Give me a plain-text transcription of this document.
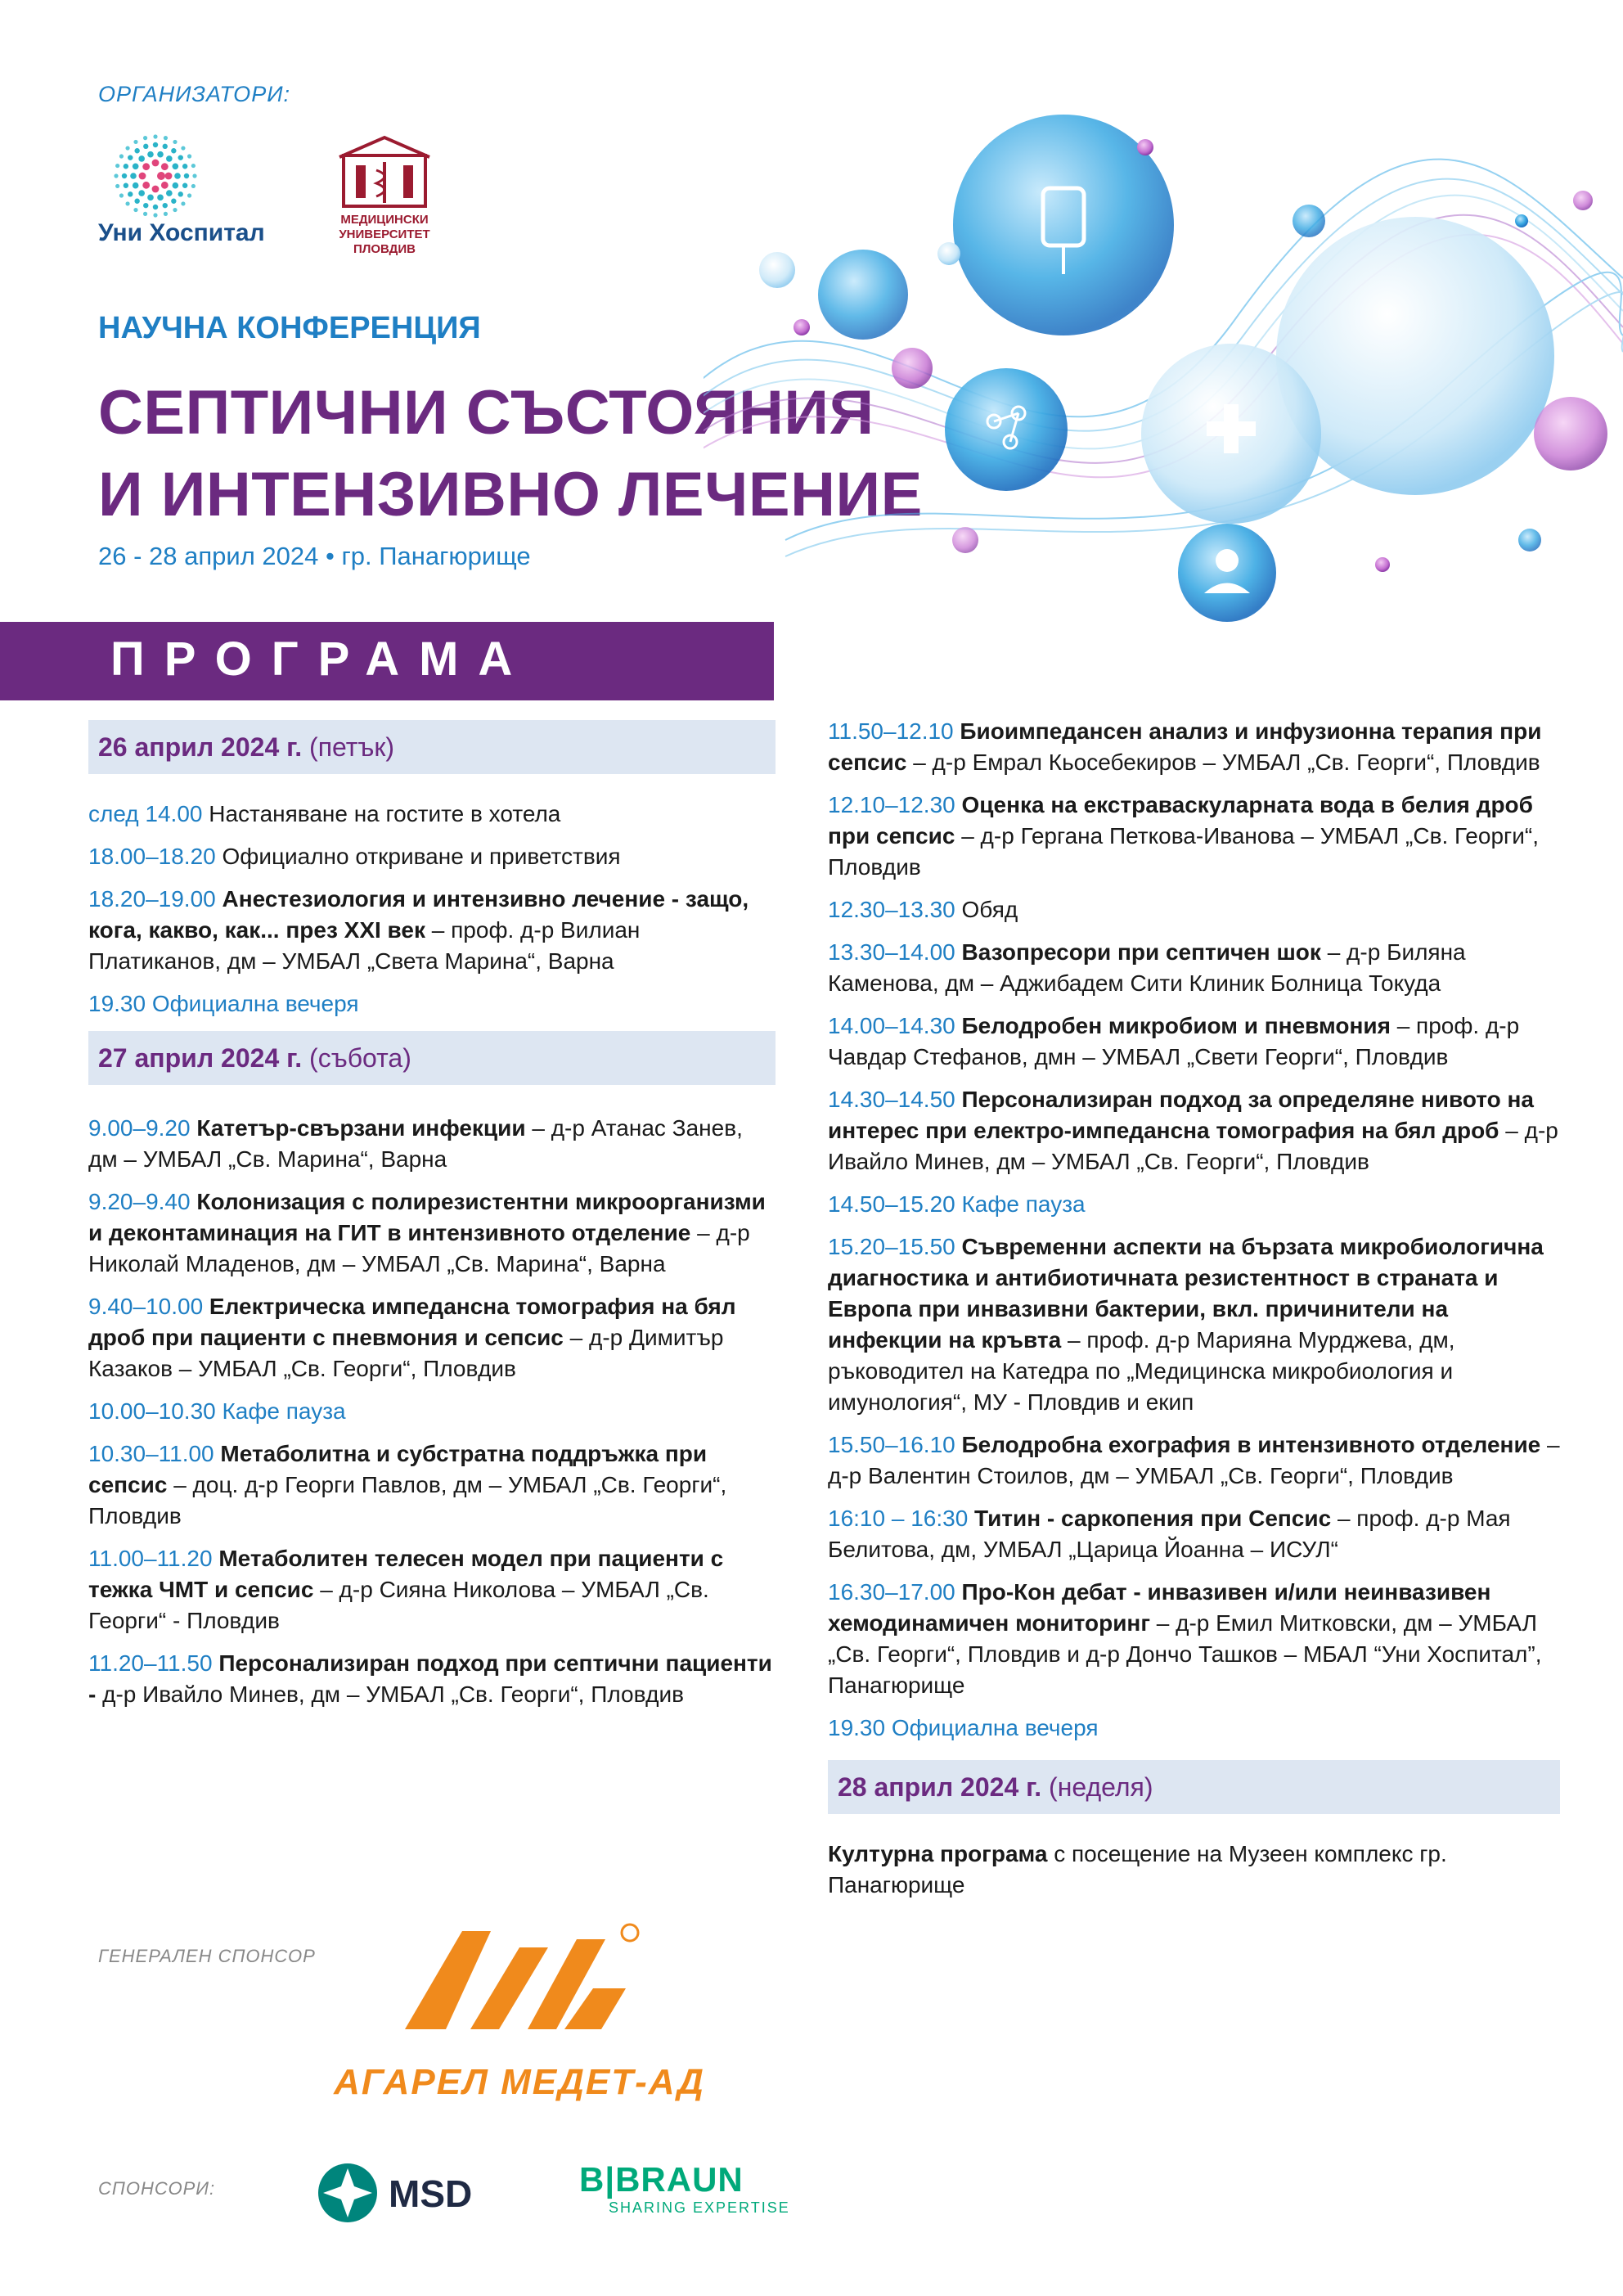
ОРГАНИЗАТОРИ:
Уни Хоспитал	МЕДИЦИНСКИ
УНИВЕРСИТЕТ
ПЛОВДИВ
НАУЧНА КОНФЕРЕНЦИЯ
СЕПТИЧНИ СЪСТОЯНИЯ
И ИНТЕНЗИВНО ЛЕЧЕНИЕ
26 - 28 април 2024 • гр. Панагюрище
ПРОГРАМА
26 април 2024 г. (петък)
след 14.00 Настаняване на гостите в хотела
18.00–18.20 Официално откриване и приветствия
18.20–19.00 Анестезиология и интензивно лечение - защо, кога, какво, как... през XXI век – проф. д-р Вилиан Платиканов, дм – УМБАЛ „Света Марина“, Варна
19.30 Официална вечеря
27 април 2024 г. (събота)
9.00–9.20 Катетър-свързани инфекции – д-р Атанас Занев, дм – УМБАЛ „Св. Марина“, Варна
9.20–9.40 Колонизация с полирезистентни микроорганизми и деконтаминация на ГИТ в интензивното отделение – д-р Николай Младенов, дм – УМБАЛ „Св. Марина“, Варна
9.40–10.00 Електрическа импедансна томография на бял дроб при пациенти с пневмония и сепсис – д-р Димитър Казаков – УМБАЛ „Св. Георги“, Пловдив
10.00–10.30 Кафе пауза
10.30–11.00 Метаболитна и субстратна поддръжка при сепсис – доц. д-р Георги Павлов, дм – УМБАЛ „Св. Георги“, Пловдив
11.00–11.20 Метаболитен телесен модел при пациенти с тежка ЧМТ и сепсис – д-р Сияна Николова – УМБАЛ „Св. Георги“ - Пловдив
11.20–11.50 Персонализиран подход при септични пациенти - д-р Ивайло Минев, дм – УМБАЛ „Св. Георги“, Пловдив
11.50–12.10 Биоимпедансен анализ и инфузионна терапия при сепсис – д-р Емрал Кьосебекиров – УМБАЛ „Св. Георги“, Пловдив
12.10–12.30 Оценка на екстраваскуларната вода в белия дроб при сепсис – д-р Гергана Петкова-Иванова – УМБАЛ „Св. Георги“, Пловдив
12.30–13.30 Обяд
13.30–14.00 Вазопресори при септичен шок – д-р Биляна Каменова, дм – Аджибадем Сити Клиник Болница Токуда
14.00–14.30 Белодробен микробиом и пневмония – проф. д-р Чавдар Стефанов, дмн – УМБАЛ „Свети Георги“, Пловдив
14.30–14.50 Персонализиран подход за определяне нивото на интерес при електро-импедансна томография на бял дроб – д-р Ивайло Минев, дм – УМБАЛ „Св. Георги“, Пловдив
14.50–15.20 Кафе пауза
15.20–15.50 Съвременни аспекти на бързата микробиологична диагностика и антибиотичната резистентност в страната и Европа при инвазивни бактерии, вкл. причинители на инфекции на кръвта – проф. д-р Марияна Мурджева, дм, ръководител на Катедра по „Медицинска микробиология и имунология“, МУ - Пловдив и екип
15.50–16.10 Белодробна ехография в интензивното отделение – д-р Валентин Стоилов, дм – УМБАЛ „Св. Георги“, Пловдив
16:10 – 16:30 Титин - саркопения при Сепсис – проф. д-р Мая Белитова, дм, УМБАЛ „Царица Йоанна – ИСУЛ“
16.30–17.00 Про-Кон дебат - инвазивен и/или неинвазивен хемодинамичен мониторинг – д-р Емил Митковски, дм – УМБАЛ „Св. Георги“, Пловдив и д-р Дончо Ташков – МБАЛ “Уни Хоспитал”, Панагюрище
19.30 Официална вечеря
28 април 2024 г. (неделя)
Културна програма с посещение на Музеен комплекс гр. Панагюрище
ГЕНЕРАЛЕН СПОНСОР
АГАРЕЛ МЕДЕТ-АД
СПОНСОРИ:	MSD	B|BRAUN
SHARING EXPERTISE
